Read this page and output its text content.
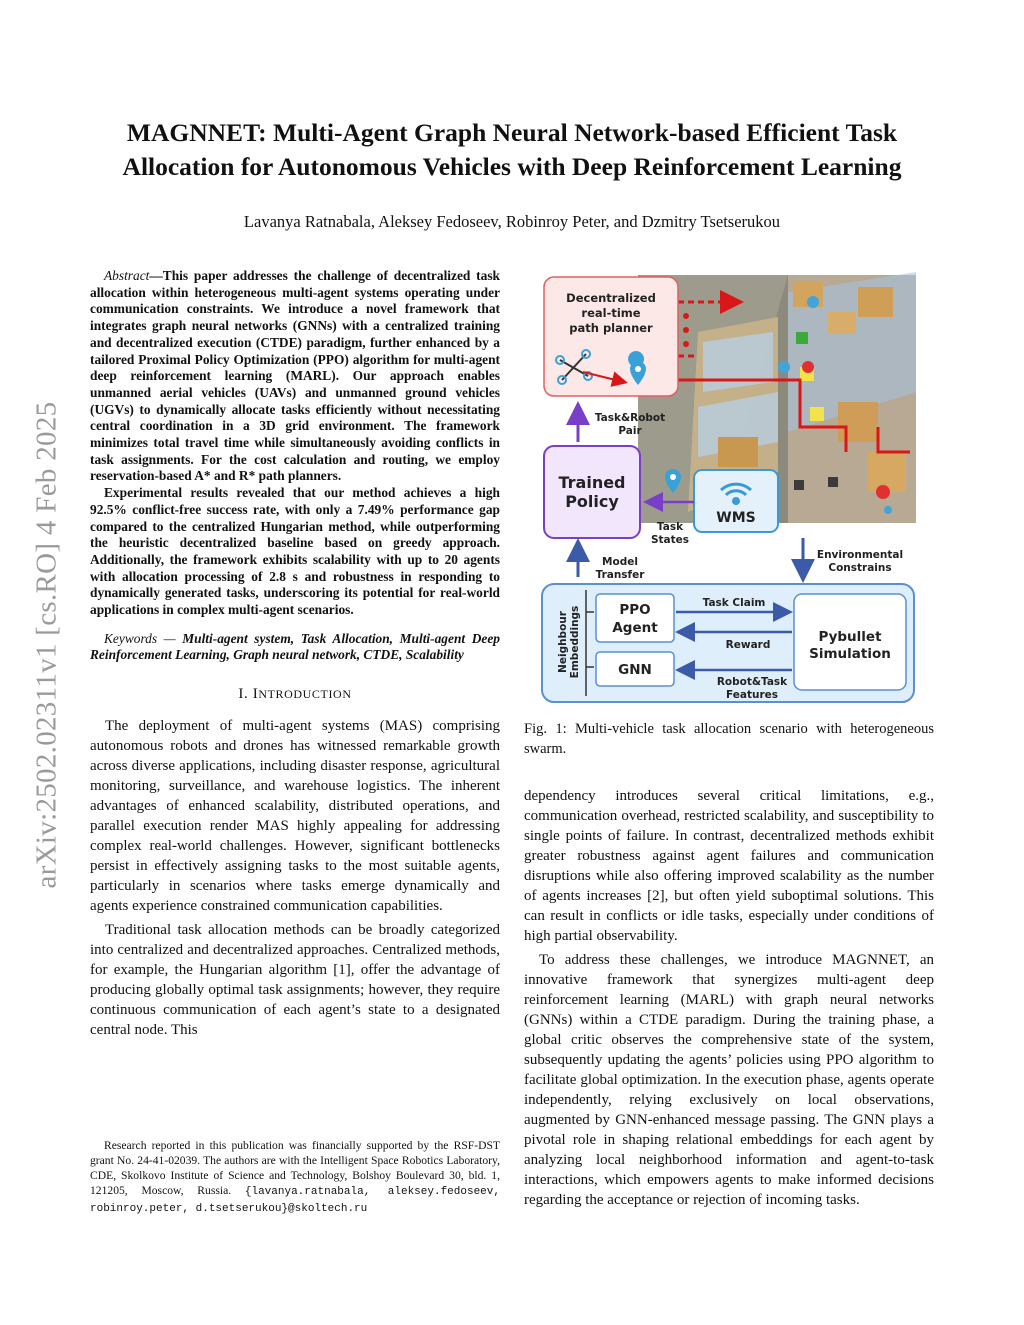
arXiv:2502.02311v1 [cs.RO] 4 Feb 2025
MAGNNET: Multi-Agent Graph Neural Network-based Efficient Task Allocation for Autonomous Vehicles with Deep Reinforcement Learning
Lavanya Ratnabala, Aleksey Fedoseev, Robinroy Peter, and Dzmitry Tsetserukou

Abstract—This paper addresses the challenge of decentralized task allocation within heterogeneous multi-agent systems operating under communication constraints. We introduce a novel framework that integrates graph neural networks (GNNs) with a centralized training and decentralized execution (CTDE) paradigm, further enhanced by a tailored Proximal Policy Optimization (PPO) algorithm for multi-agent deep reinforcement learning (MARL). Our approach enables unmanned aerial vehicles (UAVs) and unmanned ground vehicles (UGVs) to dynamically allocate tasks efficiently without necessitating central coordination in a 3D grid environment. The framework minimizes total travel time while simultaneously avoiding conflicts in task assignments. For the cost calculation and routing, we employ reservation-based A* and R* path planners.

Experimental results revealed that our method achieves a high 92.5% conflict-free success rate, with only a 7.49% performance gap compared to the centralized Hungarian method, while outperforming the heuristic decentralized baseline based on greedy approach. Additionally, the framework exhibits scalability with up to 20 agents with allocation processing of 2.8 s and robustness in responding to dynamically generated tasks, underscoring its potential for real-world applications in complex multi-agent scenarios.

Keywords — Multi-agent system, Task Allocation, Multi-agent Deep Reinforcement Learning, Graph neural network, CTDE, Scalability
I. INTRODUCTION

The deployment of multi-agent systems (MAS) comprising autonomous robots and drones has witnessed remarkable growth across diverse applications, including disaster response, agricultural monitoring, surveillance, and warehouse logistics. The inherent advantages of enhanced scalability, distributed operations, and parallel execution render MAS highly appealing for addressing complex real-world challenges. However, significant bottlenecks persist in effectively assigning tasks to the most suitable agents, particularly in scenarios where tasks emerge dynamically and agents experience constrained communication capabilities.

Traditional task allocation methods can be broadly categorized into centralized and decentralized approaches. Centralized methods, for example, the Hungarian algorithm [1], offer the advantage of producing globally optimal task assignments; however, they require continuous communication of each agent’s state to a designated central node. This

Research reported in this publication was financially supported by the RSF-DST grant No. 24-41-02039. The authors are with the Intelligent Space Robotics Laboratory, CDE, Skolkovo Institute of Science and Technology, Bolshoy Boulevard 30, bld. 1, 121205, Moscow, Russia. {lavanya.ratnabala, aleksey.fedoseev, robinroy.peter, d.tsetserukou}@skoltech.ru
Decentralized
real-time
path planner
Task&Robot
Pair
Trained
Policy
WMS
Task
States
Model
Transfer
Environmental
Constrains
Neighbour Embeddings	PPO
Agent
GNN
Pybullet
Simulation
Task Claim
Reward
Robot&Task
Features
Fig. 1: Multi-vehicle task allocation scenario with heterogeneous swarm.

dependency introduces several critical limitations, e.g., communication overhead, restricted scalability, and susceptibility to single points of failure. In contrast, decentralized methods exhibit greater robustness against agent failures and communication disruptions while also offering improved scalability as the number of agents increases [2], but often yield suboptimal solutions. This can result in conflicts or idle tasks, especially under conditions of high partial observability.

To address these challenges, we introduce MAGNNET, an innovative framework that synergizes multi-agent deep reinforcement learning (MARL) with graph neural networks (GNNs) within a CTDE paradigm. During the training phase, a global critic observes the comprehensive state of the system, subsequently updating the agents’ policies using PPO algorithm to facilitate global optimization. In the execution phase, agents operate independently, relying exclusively on local observations, augmented by GNN-enhanced message passing. The GNN plays a pivotal role in shaping relational embeddings for each agent by analyzing local neighborhood information and agent-to-task interactions, which empowers agents to make informed decisions regarding the acceptance or rejection of incoming tasks.
